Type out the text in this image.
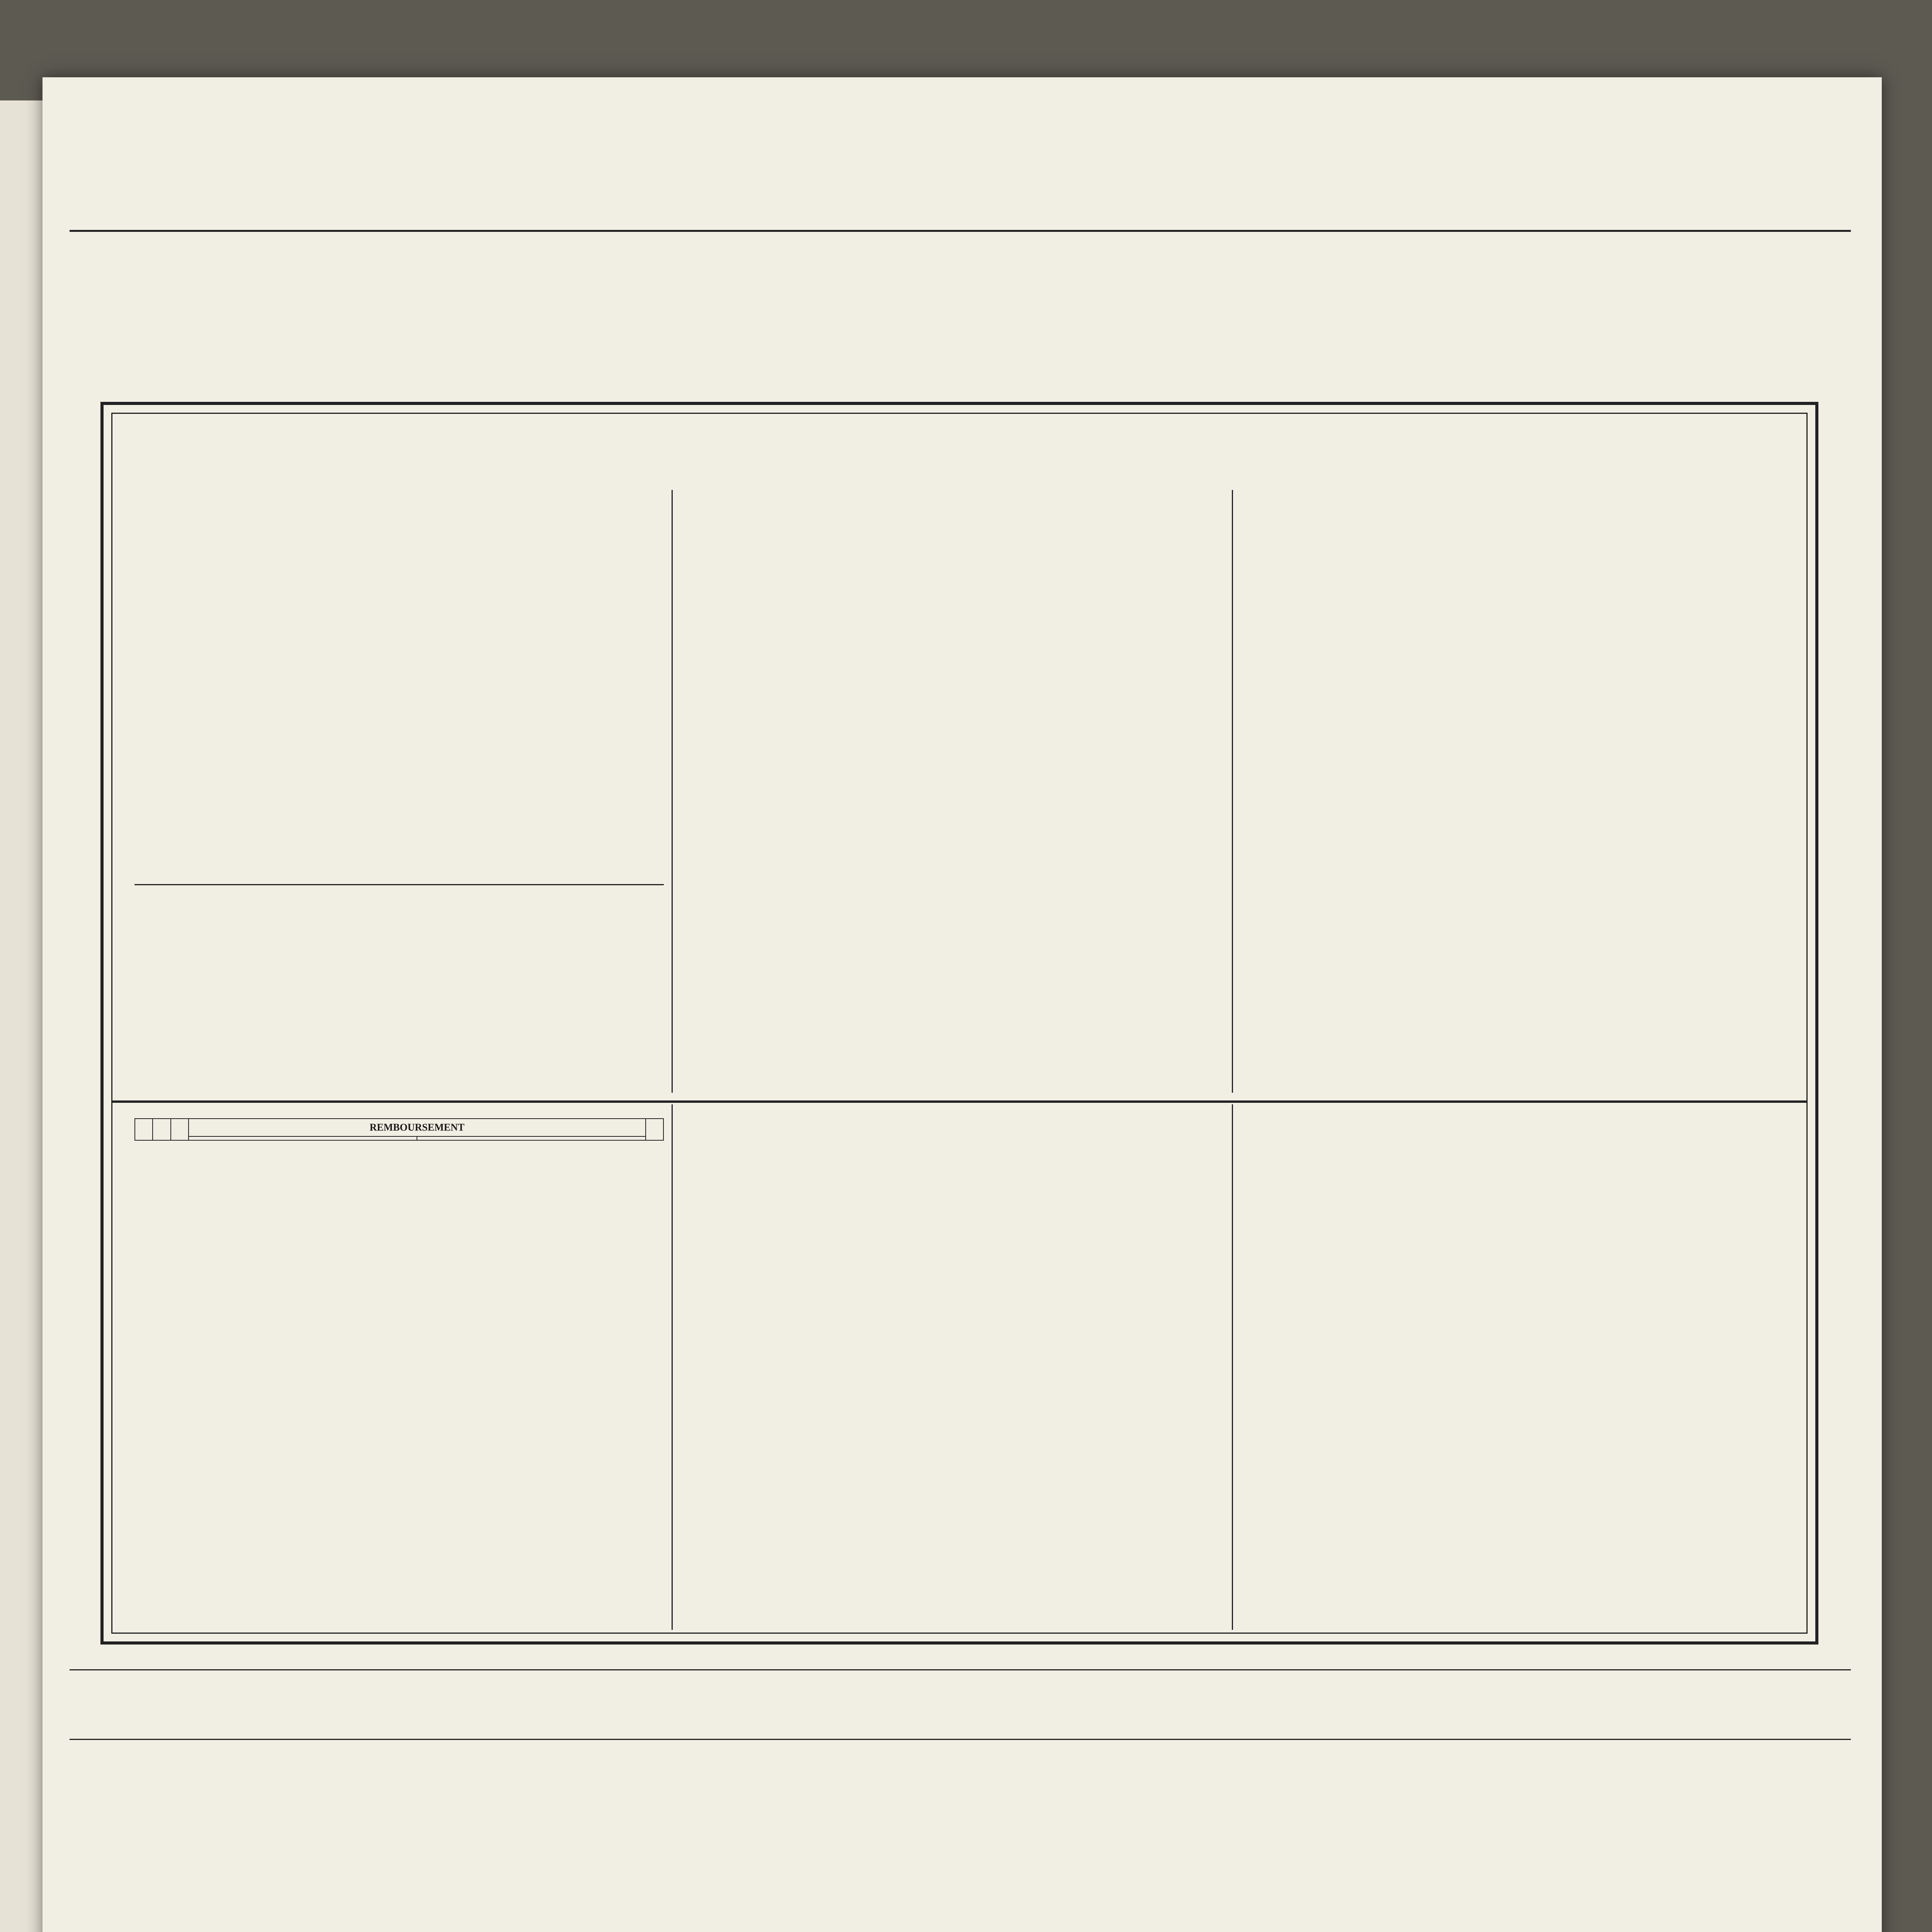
			REMBOURSEMENT		
